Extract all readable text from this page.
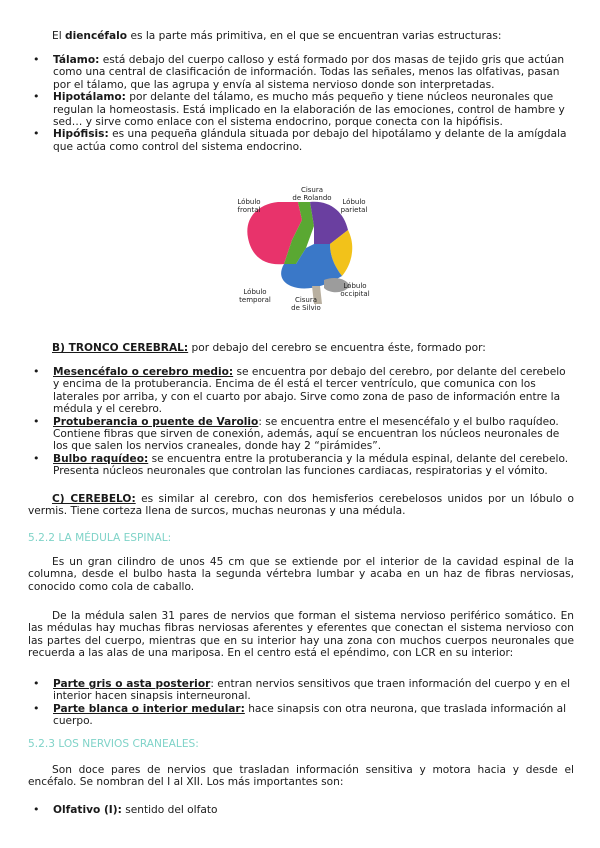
El diencéfalo es la parte más primitiva, en el que se encuentran varias estructuras:

• Tálamo: está debajo del cuerpo calloso y está formado por dos masas de tejido gris que actúan como una central de clasificación de información. Todas las señales, menos las olfativas, pasan por el tálamo, que las agrupa y envía al sistema nervioso donde son interpretadas.
• Hipotálamo: por delante del tálamo, es mucho más pequeño y tiene núcleos neuronales que regulan la homeostasis. Está implicado en la elaboración de las emociones, control de hambre y sed… y sirve como enlace con el sistema endocrino, porque conecta con la hipófisis.
• Hipófisis: es una pequeña glándula situada por debajo del hipotálamo y delante de la amígdala que actúa como control del sistema endocrino.
Cisura
de Rolando
Lóbulo
frontal
Lóbulo
parietal
Lóbulo
occipital
Lóbulo
temporal	Cisura
de Silvio

B) TRONCO CEREBRAL: por debajo del cerebro se encuentra éste, formado por:

• Mesencéfalo o cerebro medio: se encuentra por debajo del cerebro, por delante del cerebelo y encima de la protuberancia. Encima de él está el tercer ventrículo, que comunica con los laterales por arriba, y con el cuarto por abajo. Sirve como zona de paso de información entre la médula y el cerebro.
• Protuberancia o puente de Varolio: se encuentra entre el mesencéfalo y el bulbo raquídeo. Contiene fibras que sirven de conexión, además, aquí se encuentran los núcleos neuronales de los que salen los nervios craneales, donde hay 2 “pirámides”.
• Bulbo raquídeo: se encuentra entre la protuberancia y la médula espinal, delante del cerebelo. Presenta núcleos neuronales que controlan las funciones cardiacas, respiratorias y el vómito.

C) CEREBELO: es similar al cerebro, con dos hemisferios cerebelosos unidos por un lóbulo o vermis. Tiene corteza llena de surcos, muchas neuronas y una médula.

5.2.2 LA MÉDULA ESPINAL:

Es un gran cilindro de unos 45 cm que se extiende por el interior de la cavidad espinal de la columna, desde el bulbo hasta la segunda vértebra lumbar y acaba en un haz de fibras nerviosas, conocido como cola de caballo.

De la médula salen 31 pares de nervios que forman el sistema nervioso periférico somático. En las médulas hay muchas fibras nerviosas aferentes y eferentes que conectan el sistema nervioso con las partes del cuerpo, mientras que en su interior hay una zona con muchos cuerpos neuronales que recuerda a las alas de una mariposa. En el centro está el epéndimo, con LCR en su interior:

• Parte gris o asta posterior: entran nervios sensitivos que traen información del cuerpo y en el interior hacen sinapsis interneuronal.
• Parte blanca o interior medular: hace sinapsis con otra neurona, que traslada información al cuerpo.
5.2.3 LOS NERVIOS CRANEALES:

Son doce pares de nervios que trasladan información sensitiva y motora hacia y desde el encéfalo. Se nombran del I al XII. Los más importantes son:

• Olfativo (I): sentido del olfato
